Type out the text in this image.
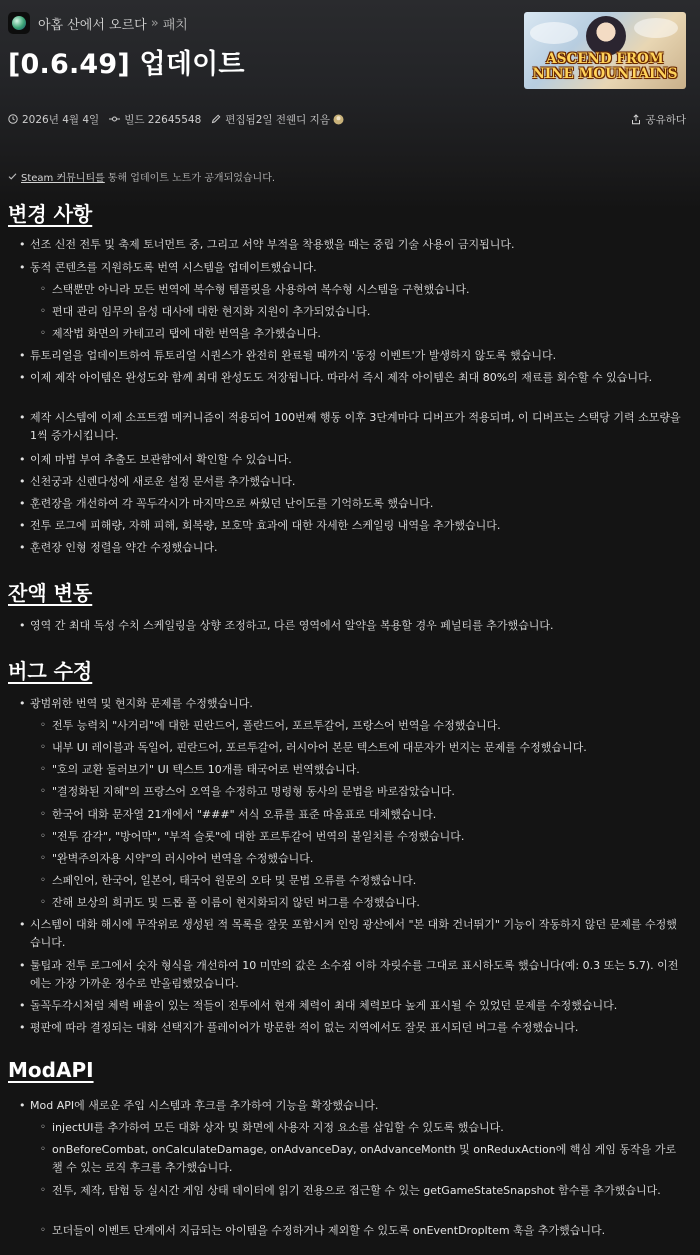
아홉 산에서 오르다 » 패치
[0.6.49] 업데이트	ASCEND FROM NINE MOUNTAINS
2026년 4월 4일 빌드 22645548 편집됨2일 전웬디 지음	공유하다
Steam 커뮤니티를 통해 업데이트 노트가 공개되었습니다.
변경 사항
• 선조 신전 전투 및 축제 토너먼트 중, 그리고 서약 부적을 착용했을 때는 중립 기술 사용이 금지됩니다.
• 동적 콘텐츠를 지원하도록 번역 시스템을 업데이트했습니다.
◦ 스택뿐만 아니라 모든 번역에 복수형 템플릿을 사용하여 복수형 시스템을 구현했습니다.
◦ 편대 관리 임무의 음성 대사에 대한 현지화 지원이 추가되었습니다.
◦ 제작법 화면의 카테고리 탭에 대한 번역을 추가했습니다.
• 튜토리얼을 업데이트하여 튜토리얼 시퀀스가 완전히 완료될 때까지 '동정 이벤트'가 발생하지 않도록 했습니다.
• 이제 제작 아이템은 완성도와 함께 최대 완성도도 저장됩니다. 따라서 즉시 제작 아이템은 최대 80%의 재료를 회수할 수 있습니다.
• 제작 시스템에 이제 소프트캡 메커니즘이 적용되어 100번째 행동 이후 3단계마다 디버프가 적용되며, 이 디버프는 스택당 기력 소모량을 1씩 증가시킵니다.
• 이제 마법 부여 추출도 보관함에서 확인할 수 있습니다.
• 신천궁과 신렌다성에 새로운 설정 문서를 추가했습니다.
• 훈련장을 개선하여 각 꼭두각시가 마지막으로 싸웠던 난이도를 기억하도록 했습니다.
• 전투 로그에 피해량, 자해 피해, 회복량, 보호막 효과에 대한 자세한 스케일링 내역을 추가했습니다.
• 훈련장 인형 정렬을 약간 수정했습니다.
잔액 변동
• 영역 간 최대 독성 수치 스케일링을 상향 조정하고, 다른 영역에서 알약을 복용할 경우 페널티를 추가했습니다.
버그 수정
• 광범위한 번역 및 현지화 문제를 수정했습니다.
◦ 전투 능력치 "사거리"에 대한 핀란드어, 폴란드어, 포르투갈어, 프랑스어 번역을 수정했습니다.
◦ 내부 UI 레이블과 독일어, 핀란드어, 포르투갈어, 러시아어 본문 텍스트에 대문자가 번지는 문제를 수정했습니다.
◦ "호의 교환 둘러보기" UI 텍스트 10개를 태국어로 번역했습니다.
◦ "결정화된 지혜"의 프랑스어 오역을 수정하고 명령형 동사의 문법을 바로잡았습니다.
◦ 한국어 대화 문자열 21개에서 "###" 서식 오류를 표준 따옴표로 대체했습니다.
◦ "전투 감각", "방어막", "부적 슬롯"에 대한 포르투갈어 번역의 불일치를 수정했습니다.
◦ "완벽주의자용 시약"의 러시아어 번역을 수정했습니다.
◦ 스페인어, 한국어, 일본어, 태국어 원문의 오타 및 문법 오류를 수정했습니다.
◦ 잔해 보상의 희귀도 및 드롭 풀 이름이 현지화되지 않던 버그를 수정했습니다.
• 시스템이 대화 해시에 무작위로 생성된 적 목록을 잘못 포함시켜 인잉 광산에서 "본 대화 건너뛰기" 기능이 작동하지 않던 문제를 수정했습니다.
• 툴팁과 전투 로그에서 숫자 형식을 개선하여 10 미만의 값은 소수점 이하 자릿수를 그대로 표시하도록 했습니다(예: 0.3 또는 5.7). 이전에는 가장 가까운 정수로 반올림했었습니다.
• 돌꼭두각시처럼 체력 배율이 있는 적들이 전투에서 현재 체력이 최대 체력보다 높게 표시될 수 있었던 문제를 수정했습니다.
• 평판에 따라 결정되는 대화 선택지가 플레이어가 방문한 적이 없는 지역에서도 잘못 표시되던 버그를 수정했습니다.
ModAPI
• Mod API에 새로운 주입 시스템과 후크를 추가하여 기능을 확장했습니다.
◦ injectUI를 추가하여 모든 대화 상자 및 화면에 사용자 지정 요소를 삽입할 수 있도록 했습니다.
◦ onBeforeCombat, onCalculateDamage, onAdvanceDay, onAdvanceMonth 및 onReduxAction에 핵심 게임 동작을 가로챌 수 있는 로직 후크를 추가했습니다.
◦ 전투, 제작, 탐험 등 실시간 게임 상태 데이터에 읽기 전용으로 접근할 수 있는 getGameStateSnapshot 함수를 추가했습니다.
◦ 모더들이 이벤트 단계에서 지급되는 아이템을 수정하거나 제외할 수 있도록 onEventDropItem 훅을 추가했습니다.
